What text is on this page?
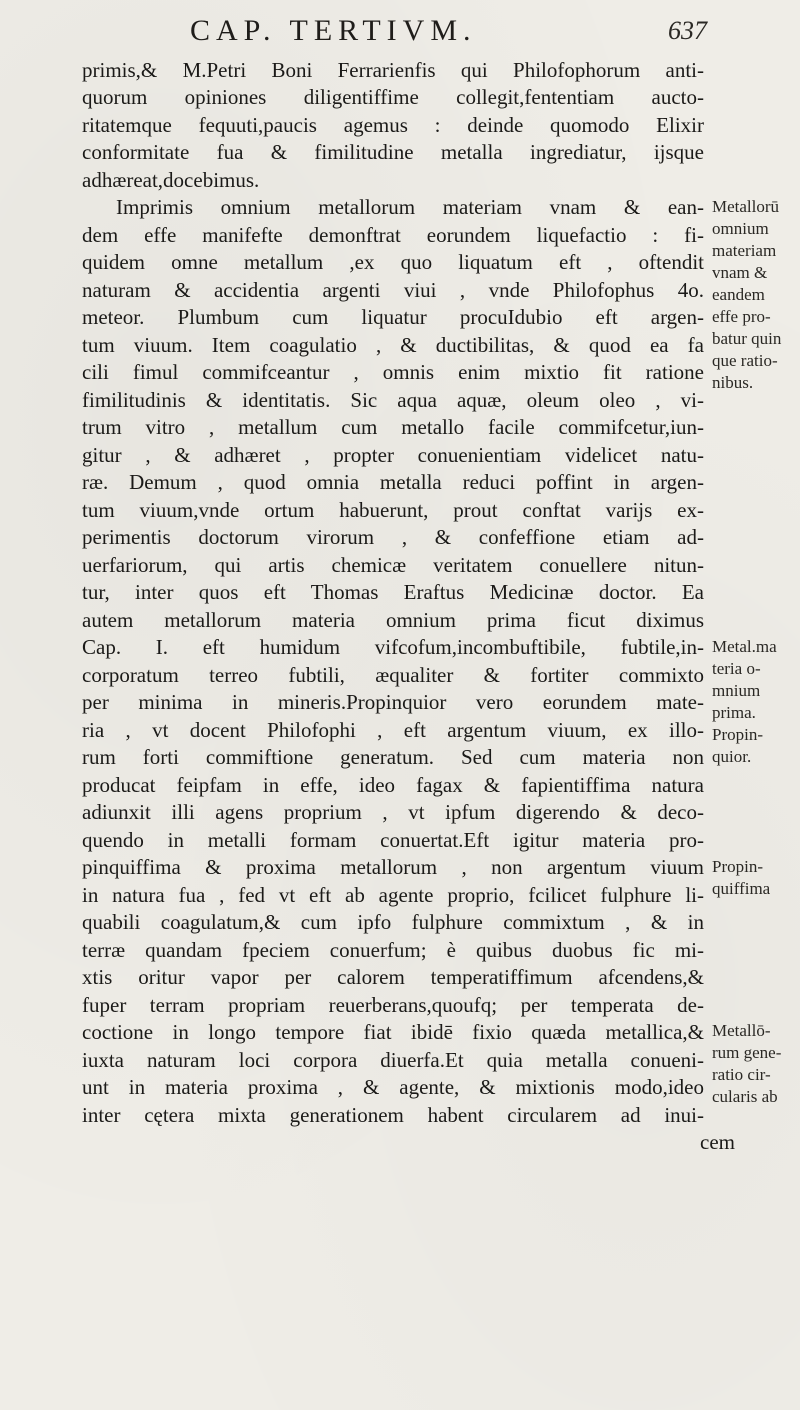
CAP. TERTIVM.	637
primis,& M.Petri Boni Ferrarienfis qui Philofophorum anti-
quorum opiniones diligentiffime collegit,fententiam aucto-
ritatemque fequuti,paucis agemus : deinde quomodo Elixir
conformitate fua & fimilitudine metalla ingrediatur, ijsque
adhæreat,docebimus.
Imprimis omnium metallorum materiam vnam & ean-
dem effe manifefte demonftrat eorundem liquefactio : fi-
quidem omne metallum ,ex quo liquatum eft , oftendit
naturam & accidentia argenti viui , vnde Philofophus 4o.
meteor. Plumbum cum liquatur procuIdubio eft argen-
tum viuum. Item coagulatio , & ductibilitas, & quod ea fa
cili fimul commifceantur , omnis enim mixtio fit ratione
fimilitudinis & identitatis. Sic aqua aquæ, oleum oleo , vi-
trum vitro , metallum cum metallo facile commifcetur,iun-
gitur , & adhæret , propter conuenientiam videlicet natu-
ræ. Demum , quod omnia metalla reduci poffint in argen-
tum viuum,vnde ortum habuerunt, prout conftat varijs ex-
perimentis doctorum virorum , & confeffione etiam ad-
uerfariorum, qui artis chemicæ veritatem conuellere nitun-
tur, inter quos eft Thomas Eraftus Medicinæ doctor. Ea
autem metallorum materia omnium prima ficut diximus
Cap. I. eft humidum vifcofum,incombuftibile, fubtile,in-
corporatum terreo fubtili, æqualiter & fortiter commixto
per minima in mineris.Propinquior vero eorundem mate-
ria , vt docent Philofophi , eft argentum viuum, ex illo-
rum forti commiftione generatum. Sed cum materia non
producat feipfam in effe, ideo fagax & fapientiffima natura
adiunxit illi agens proprium , vt ipfum digerendo & deco-
quendo in metalli formam conuertat.Eft igitur materia pro-
pinquiffima & proxima metallorum , non argentum viuum
in natura fua , fed vt eft ab agente proprio, fcilicet fulphure li-
quabili coagulatum,& cum ipfo fulphure commixtum , & in
terræ quandam fpeciem conuerfum; è quibus duobus fic mi-
xtis oritur vapor per calorem temperatiffimum afcendens,&
fuper terram propriam reuerberans,quoufq; per temperata de-
coctione in longo tempore fiat ibidē fixio quæda metallica,&
iuxta naturam loci corpora diuerfa.Et quia metalla conueni-
unt in materia proxima , & agente, & mixtionis modo,ideo
inter cętera mixta generationem habent circularem ad inui-
cem
Metallorū
omnium
materiam
vnam &
eandem
effe pro-
batur quin
que ratio-
nibus.
Metal.ma
teria o-
mnium
prima.
Propin-
quior.
Propin-
quiffima
Metallō-
rum gene-
ratio cir-
cularis ab
